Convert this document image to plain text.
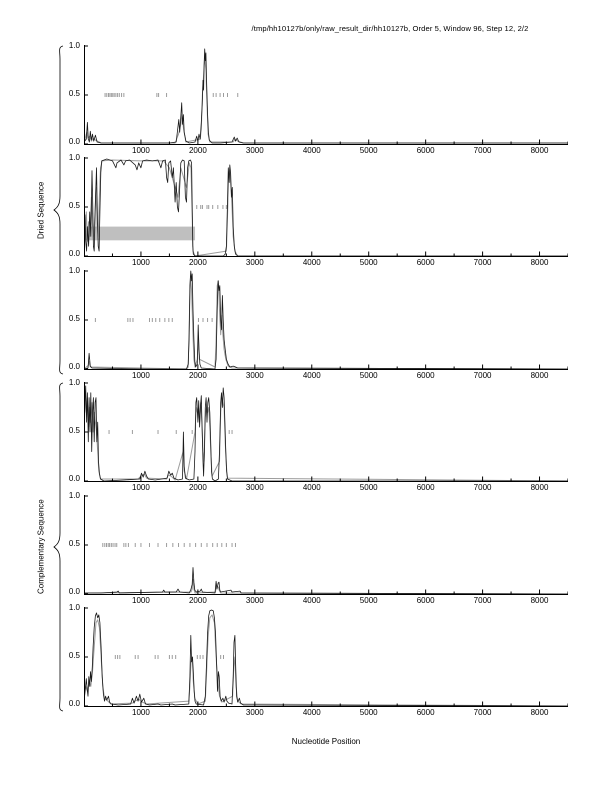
/tmp/hh10127b/only/raw_result_dir/hh10127b, Order 5, Window 96, Step 12, 2/2
Dried Sequence
Complementary Sequence
1.0
0.5
0.0
1000	2000	3000	4000	5000	6000	7000	8000
1.0
0.5
0.0
1000	2000	3000	4000	5000	6000	7000	8000
1.0
0.5
0.0
1000	2000	3000	4000	5000	6000	7000	8000
1.0
0.5
0.0
1000	2000	3000	4000	5000	6000	7000	8000
1.0
0.5
0.0
1000	2000	3000	4000	5000	6000	7000	8000
1.0
0.5
0.0
1000	2000	3000	4000	5000	6000	7000	8000
Nucleotide Position
